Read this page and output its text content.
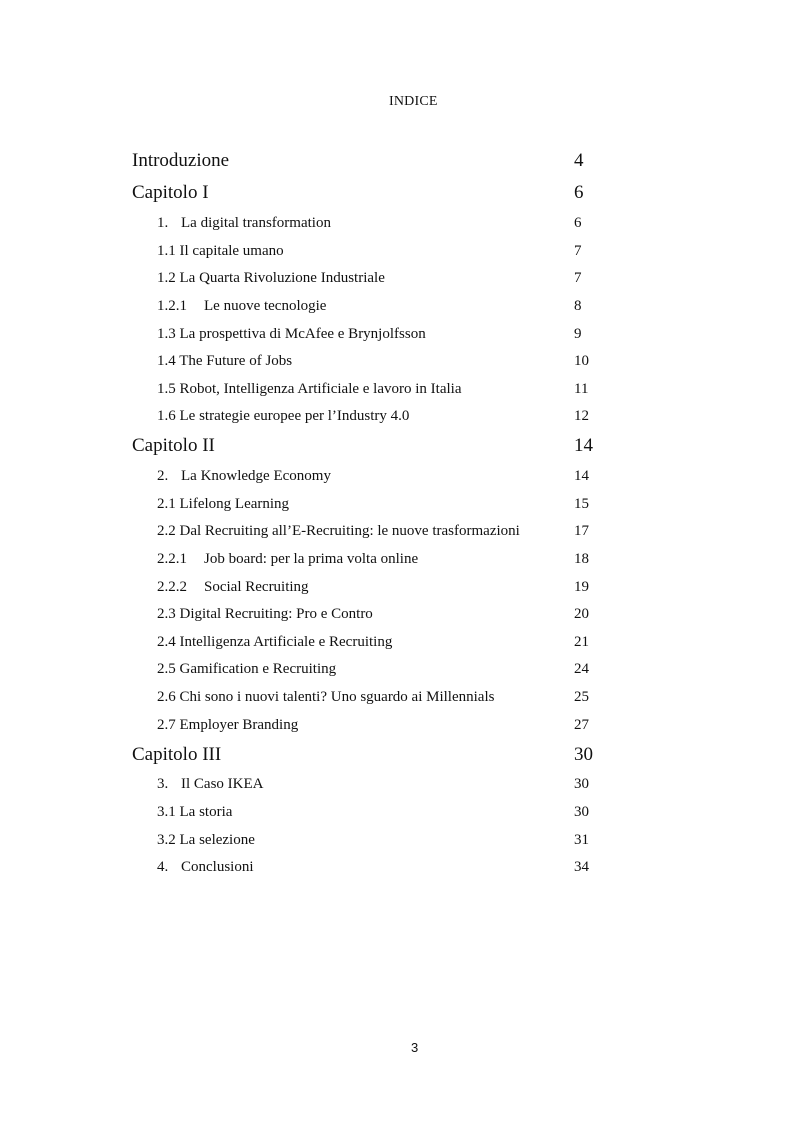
INDICE
Introduzione	4
Capitolo I	6
1. La digital transformation	6
1.1 Il capitale umano	7
1.2 La Quarta Rivoluzione Industriale	7
1.2.1 Le nuove tecnologie	8
1.3 La prospettiva di McAfee e Brynjolfsson	9
1.4 The Future of Jobs	10
1.5 Robot, Intelligenza Artificiale e lavoro in Italia	11
1.6 Le strategie europee per l’Industry 4.0	12
Capitolo II	14
2. La Knowledge Economy	14
2.1 Lifelong Learning	15
2.2 Dal Recruiting all’E-Recruiting: le nuove trasformazioni	17
2.2.1 Job board: per la prima volta online	18
2.2.2 Social Recruiting	19
2.3 Digital Recruiting: Pro e Contro	20
2.4 Intelligenza Artificiale e Recruiting	21
2.5 Gamification e Recruiting	24
2.6 Chi sono i nuovi talenti? Uno sguardo ai Millennials	25
2.7 Employer Branding	27
Capitolo III	30
3. Il Caso IKEA	30
3.1 La storia	30
3.2 La selezione	31
4. Conclusioni	34
3
